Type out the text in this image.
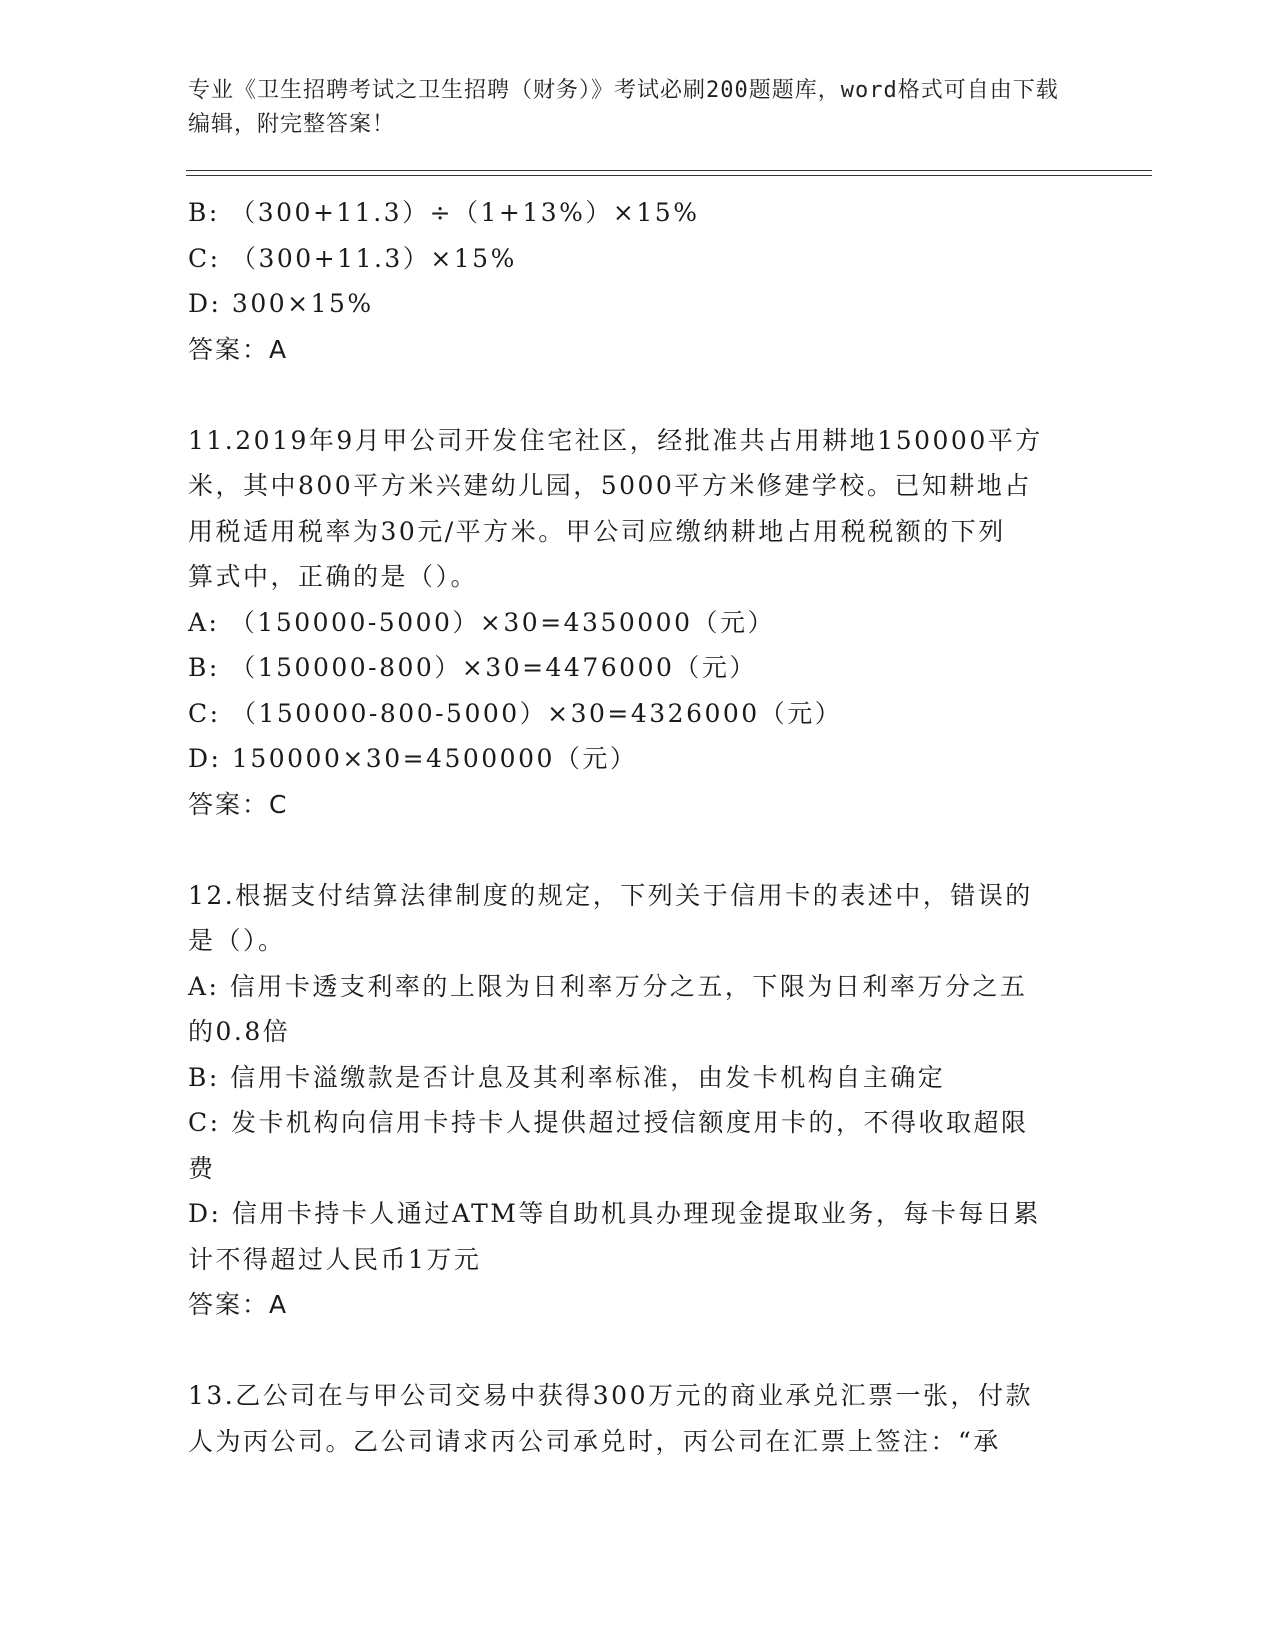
专业《卫生招聘考试之卫生招聘（财务）》考试必刷200题题库，word格式可自由下载编辑，附完整答案！
B: （300+11.3）÷（1+13%）×15%
C: （300+11.3）×15%
D: 300×15%
答案：A
11.2019年9月甲公司开发住宅社区，经批准共占用耕地150000平方
米，其中800平方米兴建幼儿园，5000平方米修建学校。已知耕地占
用税适用税率为30元/平方米。甲公司应缴纳耕地占用税税额的下列
算式中，正确的是（）。
A: （150000-5000）×30=4350000（元）
B: （150000-800）×30=4476000（元）
C: （150000-800-5000）×30=4326000（元）
D: 150000×30=4500000（元）
答案：C
12.根据支付结算法律制度的规定，下列关于信用卡的表述中，错误的
是（）。
A: 信用卡透支利率的上限为日利率万分之五，下限为日利率万分之五
的0.8倍
B: 信用卡溢缴款是否计息及其利率标准，由发卡机构自主确定
C: 发卡机构向信用卡持卡人提供超过授信额度用卡的，不得收取超限
费
D: 信用卡持卡人通过ATM等自助机具办理现金提取业务，每卡每日累
计不得超过人民币1万元
答案：A
13.乙公司在与甲公司交易中获得300万元的商业承兑汇票一张，付款
人为丙公司。乙公司请求丙公司承兑时，丙公司在汇票上签注：“承
